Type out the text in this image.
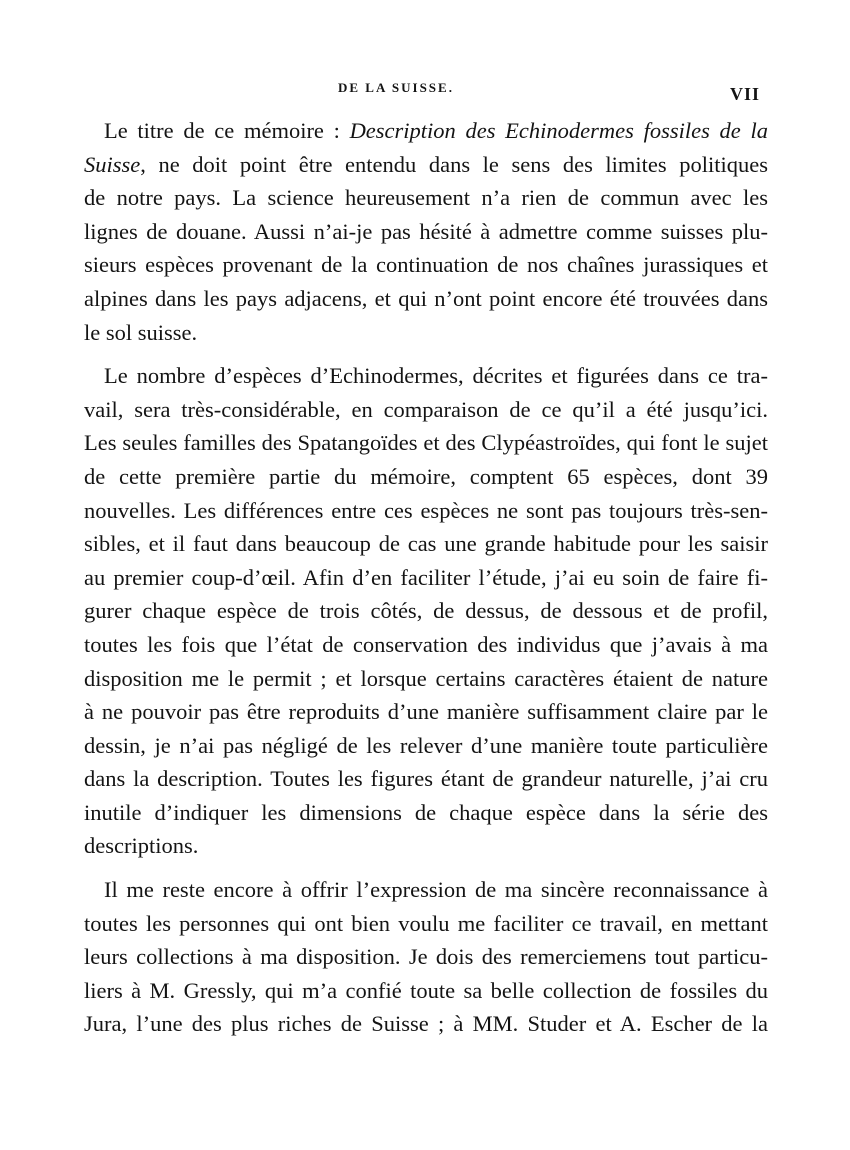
DE LA SUISSE.	VII
Le titre de ce mémoire : Description des Echinodermes fossiles de la
Suisse, ne doit point être entendu dans le sens des limites politiques
de notre pays. La science heureusement n’a rien de commun avec les
lignes de douane. Aussi n’ai-je pas hésité à admettre comme suisses plu-
sieurs espèces provenant de la continuation de nos chaînes jurassiques et
alpines dans les pays adjacens, et qui n’ont point encore été trouvées dans
le sol suisse.
Le nombre d’espèces d’Echinodermes, décrites et figurées dans ce tra-
vail, sera très-considérable, en comparaison de ce qu’il a été jusqu’ici.
Les seules familles des Spatangoïdes et des Clypéastroïdes, qui font le sujet
de cette première partie du mémoire, comptent 65 espèces, dont 39
nouvelles. Les différences entre ces espèces ne sont pas toujours très-sen-
sibles, et il faut dans beaucoup de cas une grande habitude pour les saisir
au premier coup-d’œil. Afin d’en faciliter l’étude, j’ai eu soin de faire fi-
gurer chaque espèce de trois côtés, de dessus, de dessous et de profil,
toutes les fois que l’état de conservation des individus que j’avais à ma
disposition me le permit ; et lorsque certains caractères étaient de nature
à ne pouvoir pas être reproduits d’une manière suffisamment claire par le
dessin, je n’ai pas négligé de les relever d’une manière toute particulière
dans la description. Toutes les figures étant de grandeur naturelle, j’ai cru
inutile d’indiquer les dimensions de chaque espèce dans la série des
descriptions.
Il me reste encore à offrir l’expression de ma sincère reconnaissance à
toutes les personnes qui ont bien voulu me faciliter ce travail, en mettant
leurs collections à ma disposition. Je dois des remerciemens tout particu-
liers à M. Gressly, qui m’a confié toute sa belle collection de fossiles du
Jura, l’une des plus riches de Suisse ; à MM. Studer et A. Escher de la
